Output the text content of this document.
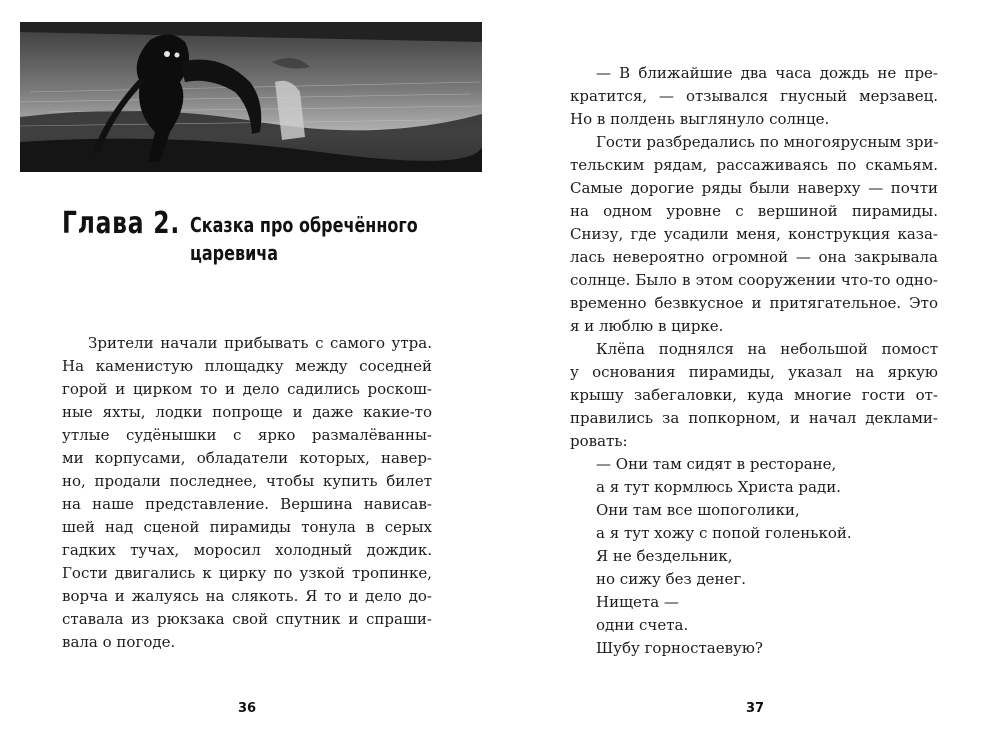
Глава 2. Сказка про обречённого
царевича
Зрители начали прибывать с самого утра.
На каменистую площадку между соседней
горой и цирком то и дело садились роскош-
ные яхты, лодки попроще и даже какие-то
утлые судёнышки с ярко размалёванны-
ми корпусами, обладатели которых, навер-
но, продали последнее, чтобы купить билет
на наше представление. Вершина нависав-
шей над сценой пирамиды тонула в серых
гадких тучах, моросил холодный дождик.
Гости двигались к цирку по узкой тропинке,
ворча и жалуясь на слякоть. Я то и дело до-
ставала из рюкзака свой спутник и спраши-
вала о погоде.
36
— В ближайшие два часа дождь не пре-
кратится, — отзывался гнусный мерзавец.
Но в полдень выглянуло солнце.
Гости разбредались по многоярусным зри-
тельским рядам, рассаживаясь по скамьям.
Самые дорогие ряды были наверху — почти
на одном уровне с вершиной пирамиды.
Снизу, где усадили меня, конструкция каза-
лась невероятно огромной — она закрывала
солнце. Было в этом сооружении что-то одно-
временно безвкусное и притягательное. Это
я и люблю в цирке.
Клёпа поднялся на небольшой помост
у основания пирамиды, указал на яркую
крышу забегаловки, куда многие гости от-
правились за попкорном, и начал деклами-
ровать:
— Они там сидят в ресторане,
а я тут кормлюсь Христа ради.
Они там все шопоголики,
а я тут хожу с попой голенькой.
Я не бездельник,
но сижу без денег.
Нищета —
одни счета.
Шубу горностаевую?
37
